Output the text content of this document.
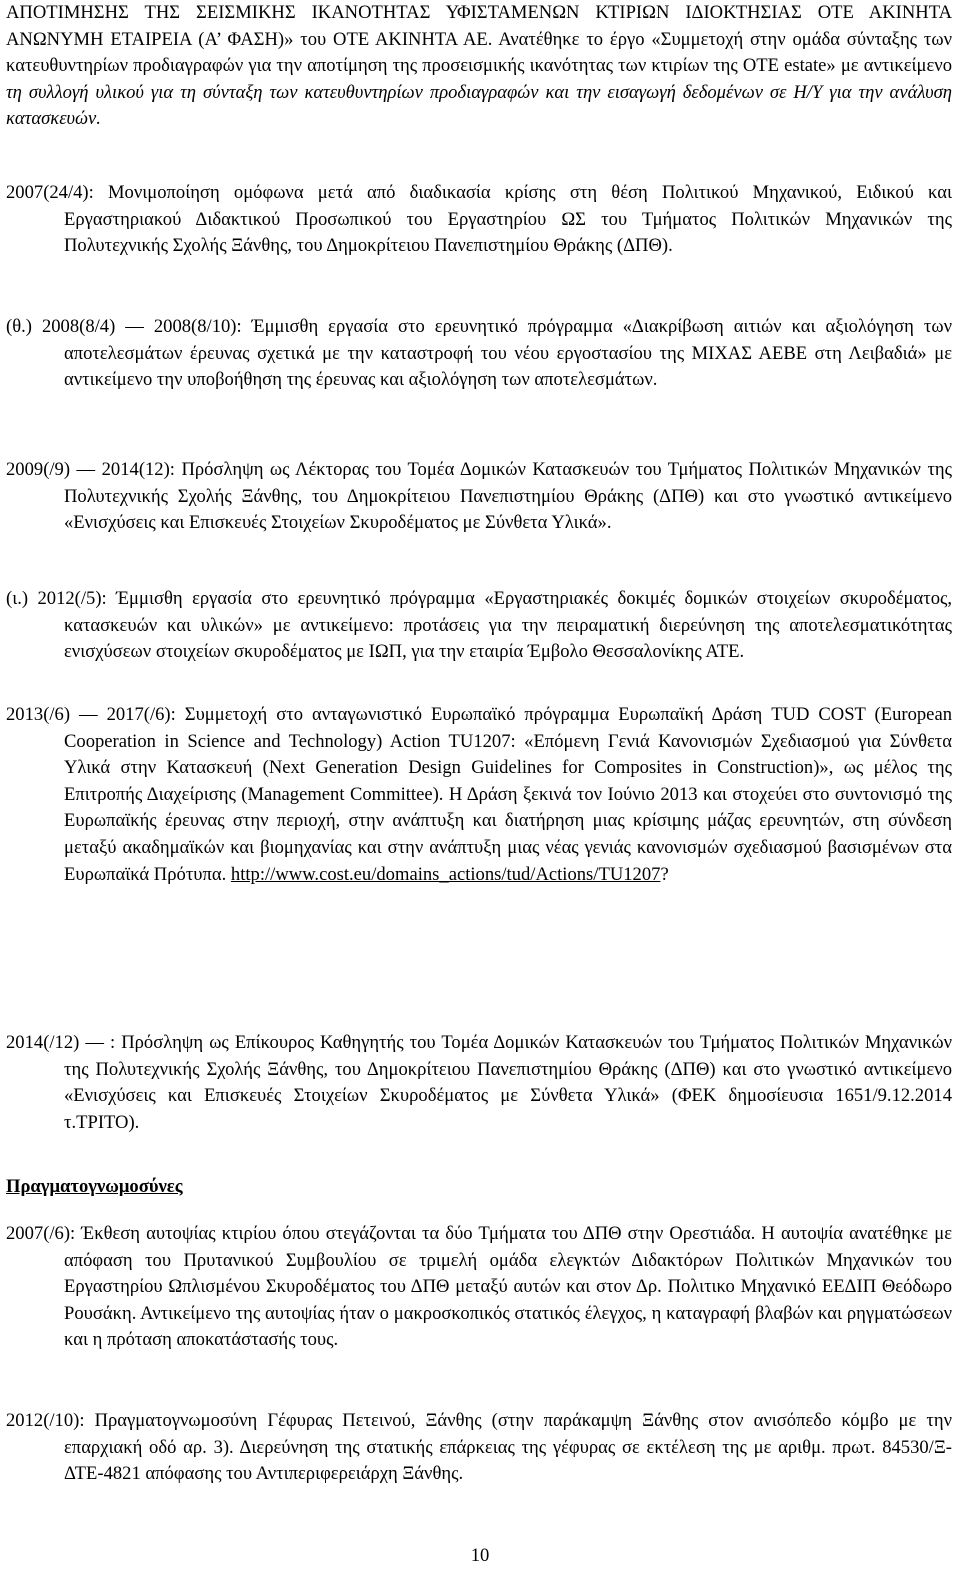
ΑΠΟΤΙΜΗΣΗΣ ΤΗΣ ΣΕΙΣΜΙΚΗΣ ΙΚΑΝΟΤΗΤΑΣ ΥΦΙΣΤΑΜΕΝΩΝ ΚΤΙΡΙΩΝ ΙΔΙΟΚΤΗΣΙΑΣ ΟΤΕ ΑΚΙΝΗΤΑ ΑΝΩΝΥΜΗ ΕΤΑΙΡΕΙΑ (Α’ ΦΑΣΗ)» του ΟΤΕ ΑΚΙΝΗΤΑ ΑΕ. Ανατέθηκε το έργο «Συμμετοχή στην ομάδα σύνταξης των κατευθυντηρίων προδιαγραφών για την αποτίμηση της προσεισμικής ικανότητας των κτιρίων της ΟΤΕ estate» με αντικείμενο τη συλλογή υλικού για τη σύνταξη των κατευθυντηρίων προδιαγραφών και την εισαγωγή δεδομένων σε Η/Υ για την ανάλυση κατασκευών.

2007(24/4): Μονιμοποίηση ομόφωνα μετά από διαδικασία κρίσης στη θέση Πολιτικού Μηχανικού, Ειδικού και Εργαστηριακού Διδακτικού Προσωπικού του Εργαστηρίου ΩΣ του Τμήματος Πολιτικών Μηχανικών της Πολυτεχνικής Σχολής Ξάνθης, του Δημοκρίτειου Πανεπιστημίου Θράκης (ΔΠΘ).

(θ.) 2008(8/4) — 2008(8/10): Έμμισθη εργασία στο ερευνητικό πρόγραμμα «Διακρίβωση αιτιών και αξιολόγηση των αποτελεσμάτων έρευνας σχετικά με την καταστροφή του νέου εργοστασίου της ΜΙΧΑΣ ΑΕΒΕ στη Λειβαδιά» με αντικείμενο την υποβοήθηση της έρευνας και αξιολόγηση των αποτελεσμάτων.

2009(/9) — 2014(12): Πρόσληψη ως Λέκτορας του Τομέα Δομικών Κατασκευών του Τμήματος Πολιτικών Μηχανικών της Πολυτεχνικής Σχολής Ξάνθης, του Δημοκρίτειου Πανεπιστημίου Θράκης (ΔΠΘ) και στο γνωστικό αντικείμενο «Ενισχύσεις και Επισκευές Στοιχείων Σκυροδέματος με Σύνθετα Υλικά».

(ι.) 2012(/5): Έμμισθη εργασία στο ερευνητικό πρόγραμμα «Εργαστηριακές δοκιμές δομικών στοιχείων σκυροδέματος, κατασκευών και υλικών» με αντικείμενο: προτάσεις για την πειραματική διερεύνηση της αποτελεσματικότητας ενισχύσεων στοιχείων σκυροδέματος με ΙΩΠ, για την εταιρία Έμβολο Θεσσαλονίκης ΑΤΕ.

2013(/6) — 2017(/6): Συμμετοχή στο ανταγωνιστικό Ευρωπαϊκό πρόγραμμα Ευρωπαϊκή Δράση TUD COST (European Cooperation in Science and Technology) Action TU1207: «Επόμενη Γενιά Κανονισμών Σχεδιασμού για Σύνθετα Υλικά στην Κατασκευή (Next Generation Design Guidelines for Composites in Construction)», ως μέλος της Επιτροπής Διαχείρισης (Management Committee). Η Δράση ξεκινά τον Ιούνιο 2013 και στοχεύει στο συντονισμό της Ευρωπαϊκής έρευνας στην περιοχή, στην ανάπτυξη και διατήρηση μιας κρίσιμης μάζας ερευνητών, στη σύνδεση μεταξύ ακαδημαϊκών και βιομηχανίας και στην ανάπτυξη μιας νέας γενιάς κανονισμών σχεδιασμού βασισμένων στα Ευρωπαϊκά Πρότυπα. http://www.cost.eu/domains_actions/tud/Actions/TU1207?

2014(/12) — : Πρόσληψη ως Επίκουρος Καθηγητής του Τομέα Δομικών Κατασκευών του Τμήματος Πολιτικών Μηχανικών της Πολυτεχνικής Σχολής Ξάνθης, του Δημοκρίτειου Πανεπιστημίου Θράκης (ΔΠΘ) και στο γνωστικό αντικείμενο «Ενισχύσεις και Επισκευές Στοιχείων Σκυροδέματος με Σύνθετα Υλικά» (ΦΕΚ δημοσίευσια 1651/9.12.2014 τ.ΤΡΙΤΟ).

Πραγματογνωμοσύνες

2007(/6): Έκθεση αυτοψίας κτιρίου όπου στεγάζονται τα δύο Τμήματα του ΔΠΘ στην Ορεστιάδα. Η αυτοψία ανατέθηκε με απόφαση του Πρυτανικού Συμβουλίου σε τριμελή ομάδα ελεγκτών Διδακτόρων Πολιτικών Μηχανικών του Εργαστηρίου Ωπλισμένου Σκυροδέματος του ΔΠΘ μεταξύ αυτών και στον Δρ. Πολιτικο Μηχανικό ΕΕΔΙΠ Θεόδωρο Ρουσάκη. Αντικείμενο της αυτοψίας ήταν ο μακροσκοπικός στατικός έλεγχος, η καταγραφή βλαβών και ρηγματώσεων και η πρόταση αποκατάστασής τους.

2012(/10): Πραγματογνωμοσύνη Γέφυρας Πετεινού, Ξάνθης (στην παράκαμψη Ξάνθης στον ανισόπεδο κόμβο με την επαρχιακή οδό αρ. 3). Διερεύνηση της στατικής επάρκειας της γέφυρας σε εκτέλεση της με αριθμ. πρωτ. 84530/Ξ-ΔΤΕ-4821 απόφασης του Αντιπεριφερειάρχη Ξάνθης.

10
